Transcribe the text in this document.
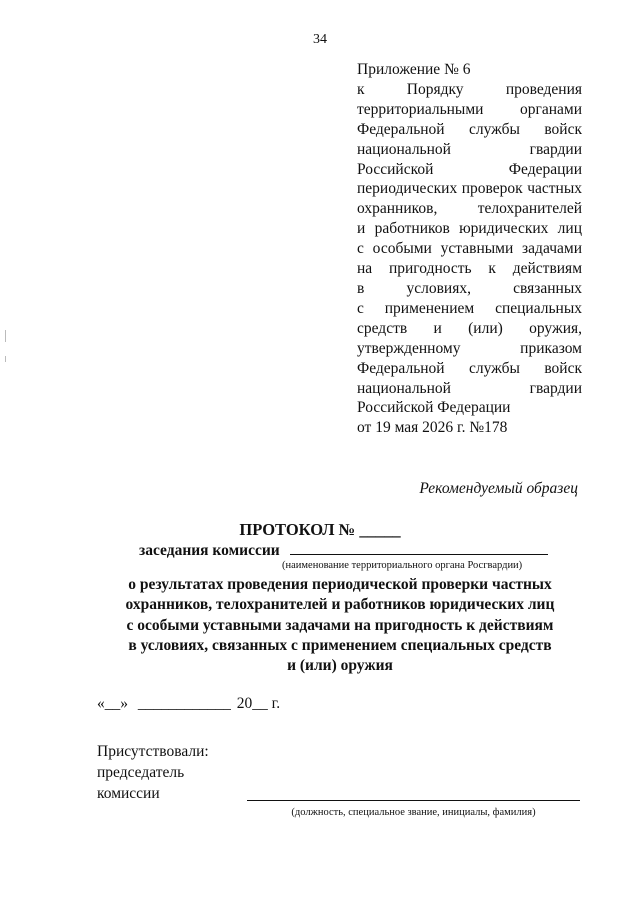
34
Приложение № 6
к Порядку проведения
территориальными органами
Федеральной службы войск
национальной гвардии
Российской Федерации
периодических проверок частных
охранников, телохранителей
и работников юридических лиц
с особыми уставными задачами
на пригодность к действиям
в условиях, связанных
с применением специальных
средств и (или) оружия,
утвержденному приказом
Федеральной службы войск
национальной гвардии
Российской Федерации
от 19 мая 2026 г. №178
Рекомендуемый образец
ПРОТОКОЛ № _____
заседания комиссии
(наименование территориального органа Росгвардии)
о результатах проведения периодической проверки частных
охранников, телохранителей и работников юридических лиц
с особыми уставными задачами на пригодность к действиям
в условиях, связанных с применением специальных средств
и (или) оружия
«__» ____________ 20__ г.
Присутствовали:
председатель
комиссии
(должность, специальное звание, инициалы, фамилия)
